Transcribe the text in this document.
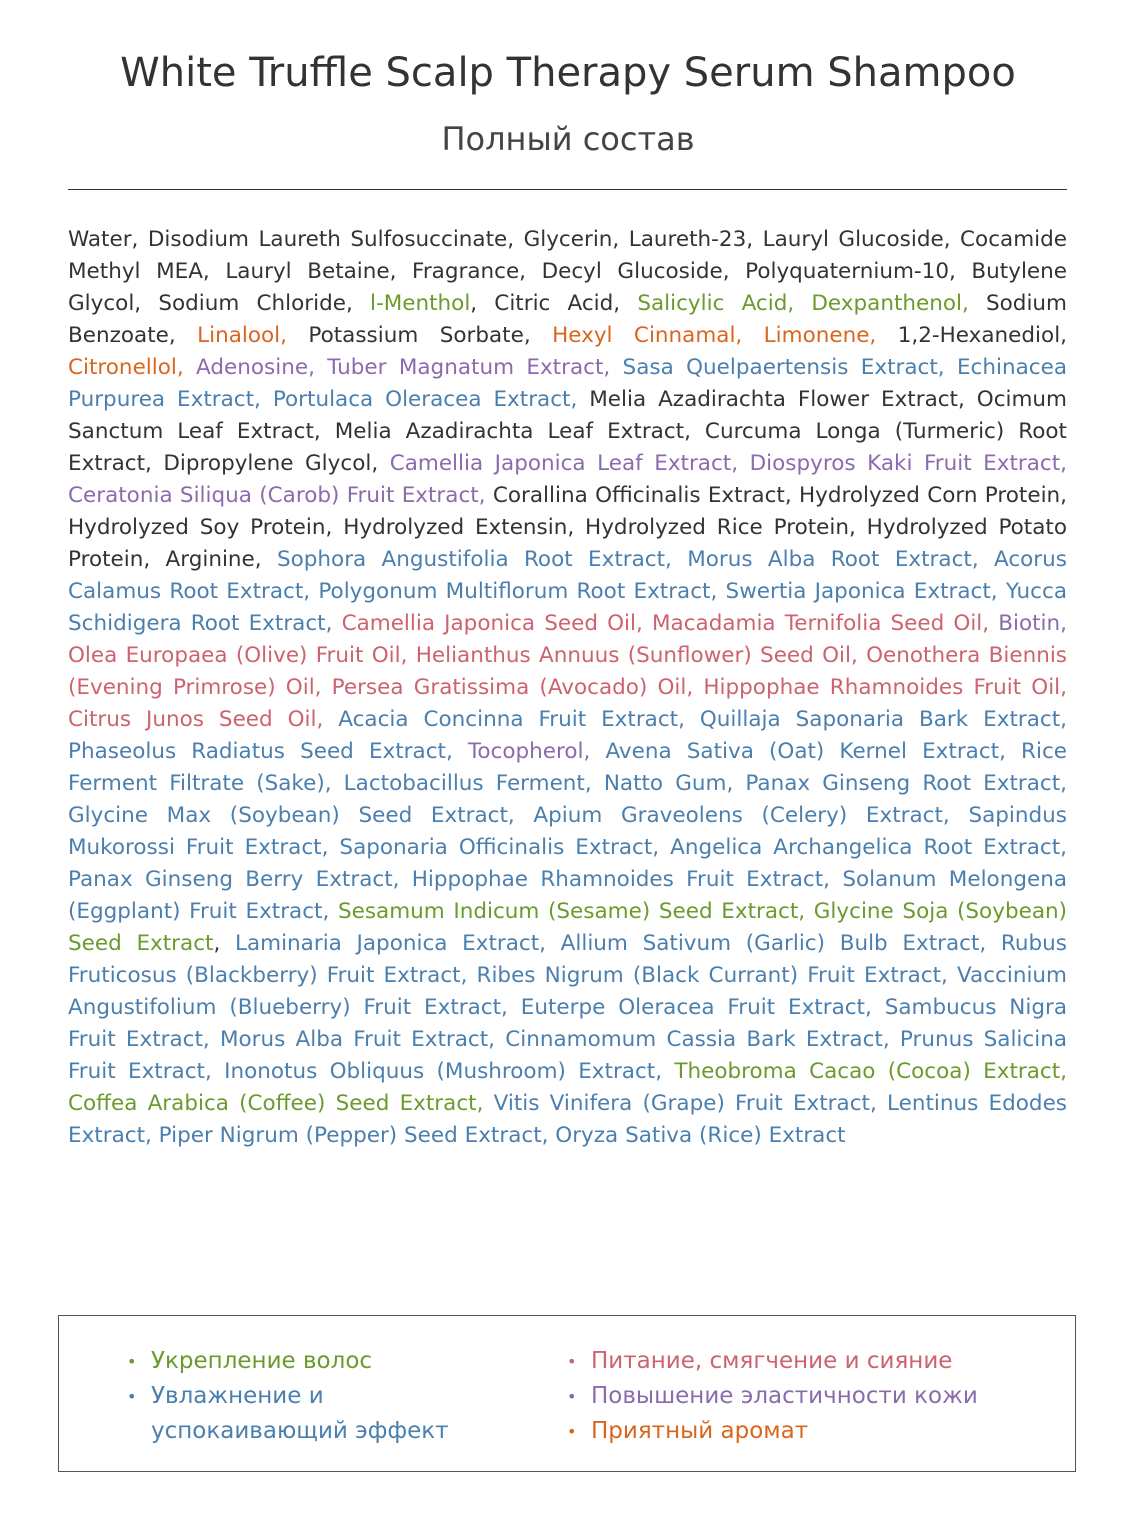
White Truffle Scalp Therapy Serum Shampoo
Полный состав
Water, Disodium Laureth Sulfosuccinate, Glycerin, Laureth-23, Lauryl Glucoside, Cocamide Methyl MEA, Lauryl Betaine, Fragrance, Decyl Glucoside, Polyquaternium-10, Butylene Glycol, Sodium Chloride, l-Menthol, Citric Acid, Salicylic Acid, Dexpanthenol, Sodium Benzoate, Linalool, Potassium Sorbate, Hexyl Cinnamal, Limonene, 1,2-Hexanediol, Citronellol, Adenosine, Tuber Magnatum Extract, Sasa Quelpaertensis Extract, Echinacea Purpurea Extract, Portulaca Oleracea Extract, Melia Azadirachta Flower Extract, Ocimum Sanctum Leaf Extract, Melia Azadirachta Leaf Extract, Curcuma Longa (Turmeric) Root Extract, Dipropylene Glycol, Camellia Japonica Leaf Extract, Diospyros Kaki Fruit Extract, Ceratonia Siliqua (Carob) Fruit Extract, Corallina Officinalis Extract, Hydrolyzed Corn Protein, Hydrolyzed Soy Protein, Hydrolyzed Extensin, Hydrolyzed Rice Protein, Hydrolyzed Potato Protein, Arginine, Sophora Angustifolia Root Extract, Morus Alba Root Extract, Acorus Calamus Root Extract, Polygonum Multiflorum Root Extract, Swertia Japonica Extract, Yucca Schidigera Root Extract, Camellia Japonica Seed Oil, Macadamia Ternifolia Seed Oil, Biotin, Olea Europaea (Olive) Fruit Oil, Helianthus Annuus (Sunflower) Seed Oil, Oenothera Biennis (Evening Primrose) Oil, Persea Gratissima (Avocado) Oil, Hippophae Rhamnoides Fruit Oil, Citrus Junos Seed Oil, Acacia Concinna Fruit Extract, Quillaja Saponaria Bark Extract, Phaseolus Radiatus Seed Extract, Tocopherol, Avena Sativa (Oat) Kernel Extract, Rice Ferment Filtrate (Sake), Lactobacillus Ferment, Natto Gum, Panax Ginseng Root Extract, Glycine Max (Soybean) Seed Extract, Apium Graveolens (Celery) Extract, Sapindus Mukorossi Fruit Extract, Saponaria Officinalis Extract, Angelica Archangelica Root Extract, Panax Ginseng Berry Extract, Hippophae Rhamnoides Fruit Extract, Solanum Melongena (Eggplant) Fruit Extract, Sesamum Indicum (Sesame) Seed Extract, Glycine Soja (Soybean) Seed Extract, Laminaria Japonica Extract, Allium Sativum (Garlic) Bulb Extract, Rubus Fruticosus (Blackberry) Fruit Extract, Ribes Nigrum (Black Currant) Fruit Extract, Vaccinium Angustifolium (Blueberry) Fruit Extract, Euterpe Oleracea Fruit Extract, Sambucus Nigra Fruit Extract, Morus Alba Fruit Extract, Cinnamomum Cassia Bark Extract, Prunus Salicina Fruit Extract, Inonotus Obliquus (Mushroom) Extract, Theobroma Cacao (Cocoa) Extract, Coffea Arabica (Coffee) Seed Extract, Vitis Vinifera (Grape) Fruit Extract, Lentinus Edodes Extract, Piper Nigrum (Pepper) Seed Extract, Oryza Sativa (Rice) Extract
• Укрепление волос
• Увлажнение и успокаивающий эффект
• Питание, смягчение и сияние
• Повышение эластичности кожи
• Приятный аромат
